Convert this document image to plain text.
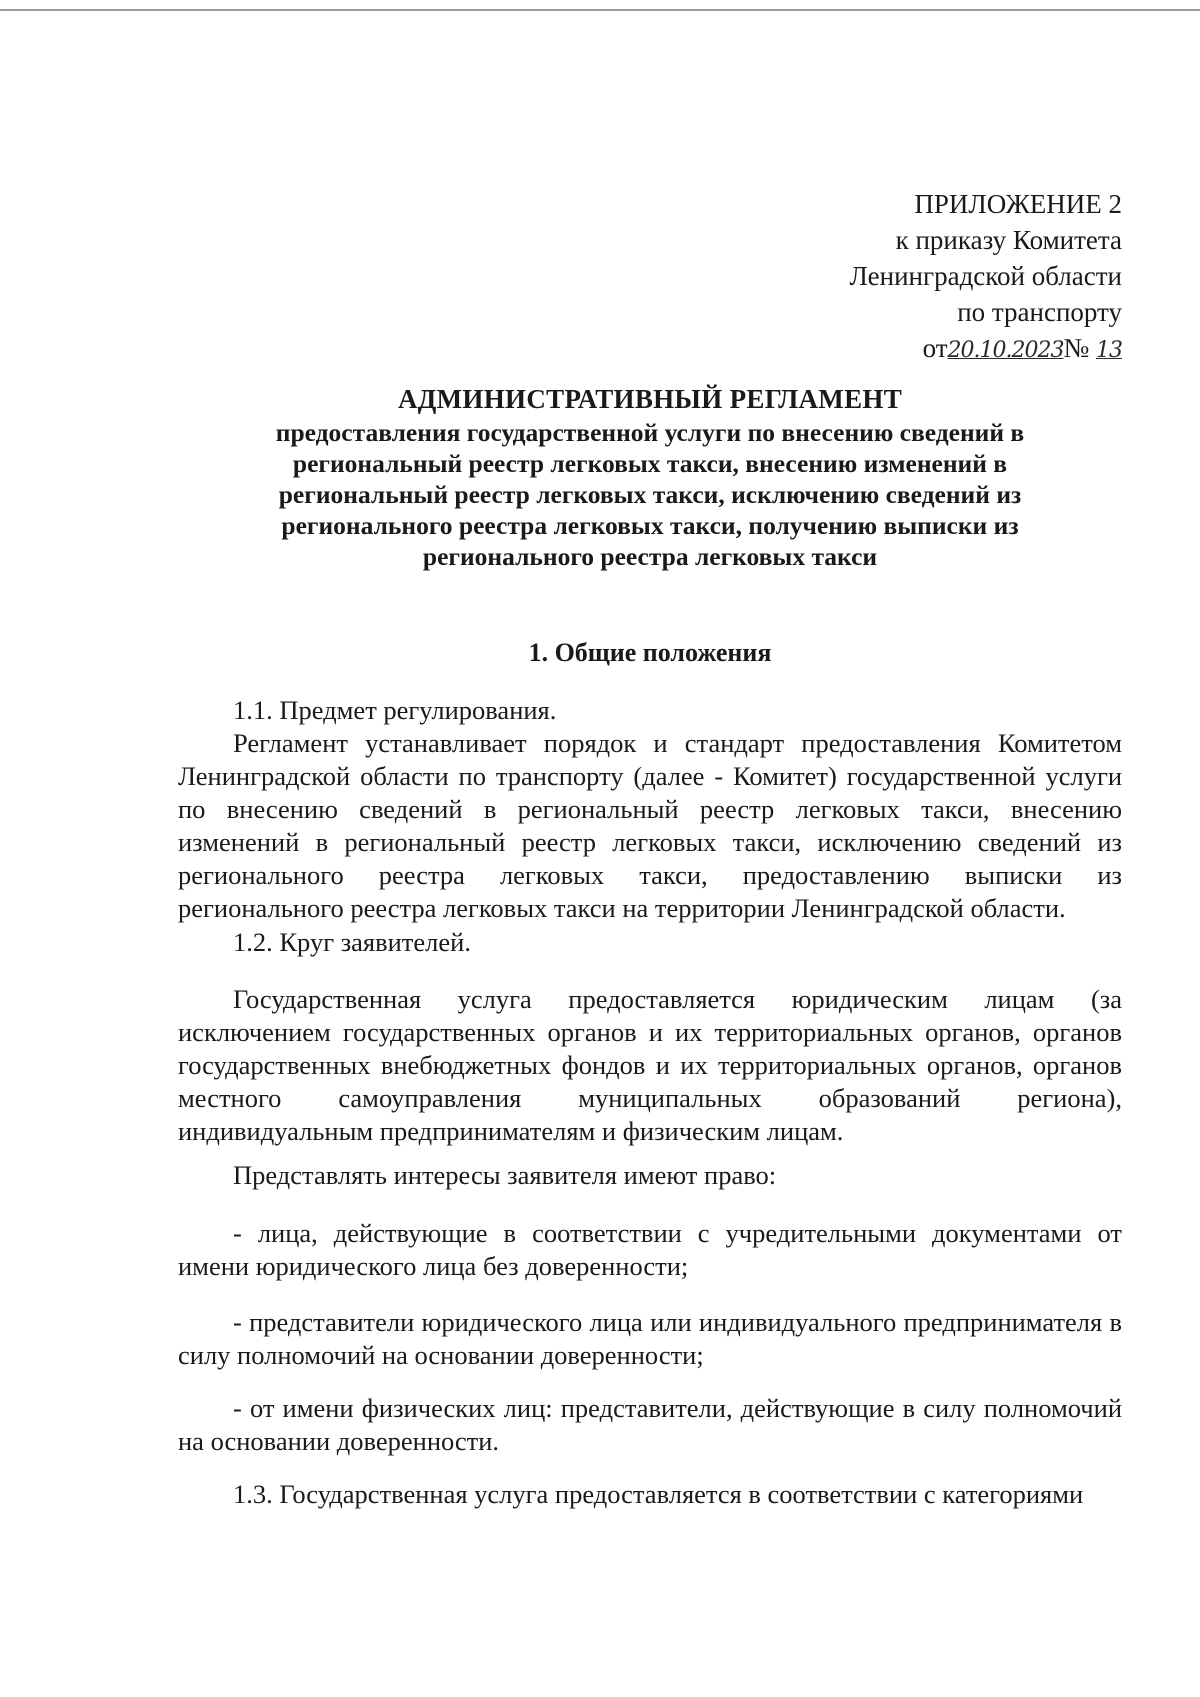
ПРИЛОЖЕНИЕ 2
к приказу Комитета
Ленинградской области
по транспорту
от20.10.2023№ 13
АДМИНИСТРАТИВНЫЙ РЕГЛАМЕНТ
предоставления государственной услуги по внесению сведений в
региональный реестр легковых такси, внесению изменений в
региональный реестр легковых такси, исключению сведений из
регионального реестра легковых такси, получению выписки из
регионального реестра легковых такси
1. Общие положения
1.1. Предмет регулирования.
Регламент устанавливает порядок и стандарт предоставления Комитетом Ленинградской области по транспорту (далее - Комитет) государственной услуги по внесению сведений в региональный реестр легковых такси, внесению изменений в региональный реестр легковых такси, исключению сведений из регионального реестра легковых такси, предоставлению выписки из регионального реестра легковых такси на территории Ленинградской области.
1.2. Круг заявителей.
Государственная услуга предоставляется юридическим лицам (за исключением государственных органов и их территориальных органов, органов государственных внебюджетных фондов и их территориальных органов, органов местного самоуправления муниципальных образований региона), индивидуальным предпринимателям и физическим лицам.
Представлять интересы заявителя имеют право:
- лица, действующие в соответствии с учредительными документами от имени юридического лица без доверенности;
- представители юридического лица или индивидуального предпринимателя в силу полномочий на основании доверенности;
- от имени физических лиц: представители, действующие в силу полномочий на основании доверенности.
1.3. Государственная услуга предоставляется в соответствии с категориями
